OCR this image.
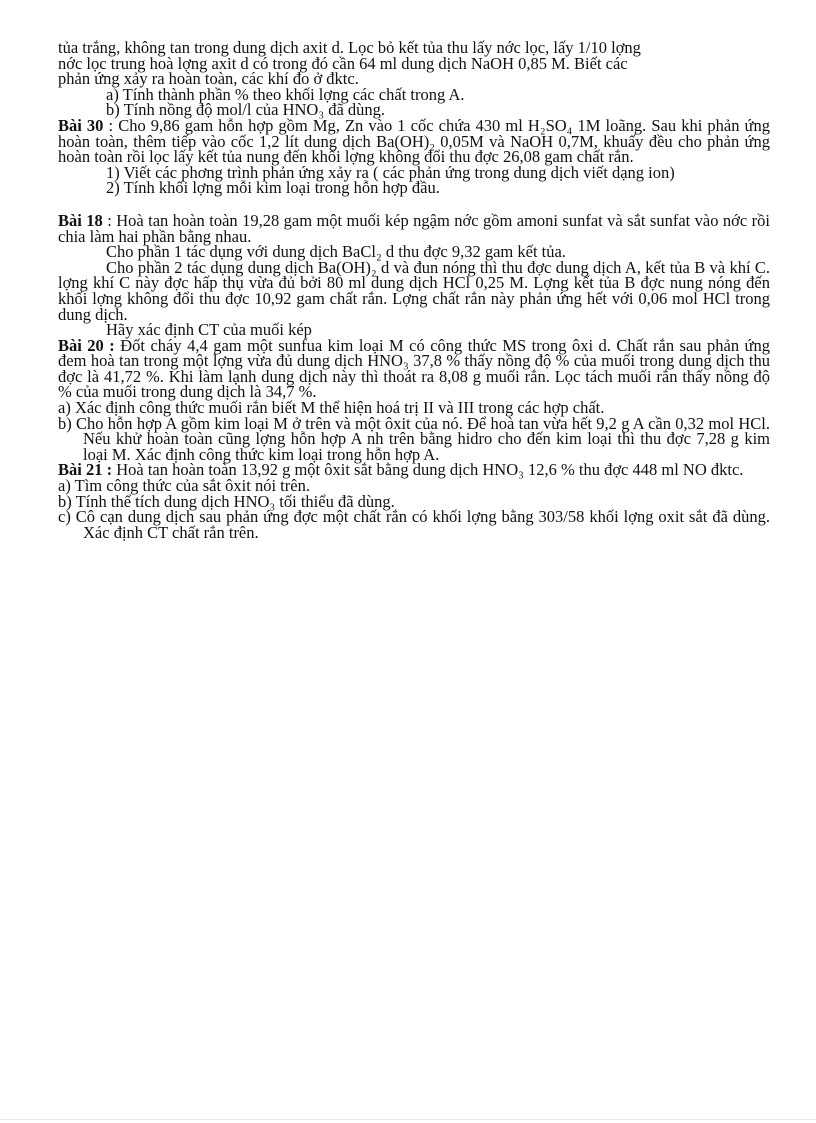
tủa trắng, không tan trong dung dịch axit d. Lọc bỏ kết tủa thu lấy nớc lọc, lấy 1/10 lợng

nớc lọc trung hoà lợng axit d có trong đó cần 64 ml dung dịch NaOH 0,85 M. Biết các

phản ứng xảy ra hoàn toàn, các khí đo ở đktc.

a) Tính thành phần % theo khối lợng các chất trong A.

b) Tính nồng độ mol/l của HNO₃ đã dùng.

Bài 30 : Cho 9,86 gam hỗn hợp gồm Mg, Zn vào 1 cốc chứa 430 ml H₂SO₄ 1M loãng. Sau khi phản ứng hoàn toàn, thêm tiếp vào cốc 1,2 lít dung dịch Ba(OH)₂ 0,05M và NaOH 0,7M, khuấy đều cho phản ứng hoàn toàn rồi lọc lấy kết tủa nung đến khối lợng không đổi thu đợc 26,08 gam chất rắn.

1) Viết các phơng trình phản ứng xảy ra ( các phản ứng trong dung dịch viết dạng ion)

2) Tính khối lợng mỗi kim loại trong hỗn hợp đầu.

Bài 18 : Hoà tan hoàn toàn 19,28 gam một muối kép ngậm nớc gồm amoni sunfat và sắt sunfat vào nớc rồi chia làm hai phần bằng nhau.

Cho phần 1 tác dụng với dung dịch BaCl₂ d thu đợc 9,32 gam kết tủa.

Cho phần 2 tác dụng dung dịch Ba(OH)₂ d và đun nóng thì thu đợc dung dịch A, kết tủa B và khí C. lợng khí C này đợc hấp thụ vừa đủ bởi 80 ml dung dịch HCl 0,25 M. Lợng kết tủa B đợc nung nóng đến khối lợng không đổi thu đợc 10,92 gam chất rắn. Lợng chất rắn này phản ứng hết với 0,06 mol HCl trong dung dịch.

Hãy xác định CT của muối kép

Bài 20 : Đốt cháy 4,4 gam một sunfua kim loại M có công thức MS trong ôxi d. Chất rắn sau phản ứng đem hoà tan trong một lợng vừa đủ dung dịch HNO₃ 37,8 % thấy nồng độ % của muối trong dung dịch thu đợc là 41,72 %. Khi làm lạnh dung dịch này thì thoát ra 8,08 g muối rắn. Lọc tách muối rắn thấy nồng độ % của muối trong dung dịch là 34,7 %.

a) Xác định công thức muối rắn biết M thể hiện hoá trị II và III trong các hợp chất.

b) Cho hỗn hợp A gồm kim loại M ở trên và một ôxit của nó. Để hoà tan vừa hết 9,2 g A cần 0,32 mol HCl. Nếu khử hoàn toàn cũng lợng hỗn hợp A nh trên bằng hidro cho đến kim loại thì thu đợc 7,28 g kim loại M. Xác định công thức kim loại trong hỗn hợp A.

Bài 21 : Hoà tan hoàn toàn 13,92 g một ôxit sắt bằng dung dịch HNO₃ 12,6 % thu đợc 448 ml NO đktc.

a) Tìm công thức của sắt ôxit nói trên.

b) Tính thể tích dung dịch HNO₃ tối thiểu đã dùng.

c) Cô cạn dung dịch sau phản ứng đợc một chất rắn có khối lợng bằng 303/58 khối lợng oxit sắt đã dùng. Xác định CT chất rắn trên.
